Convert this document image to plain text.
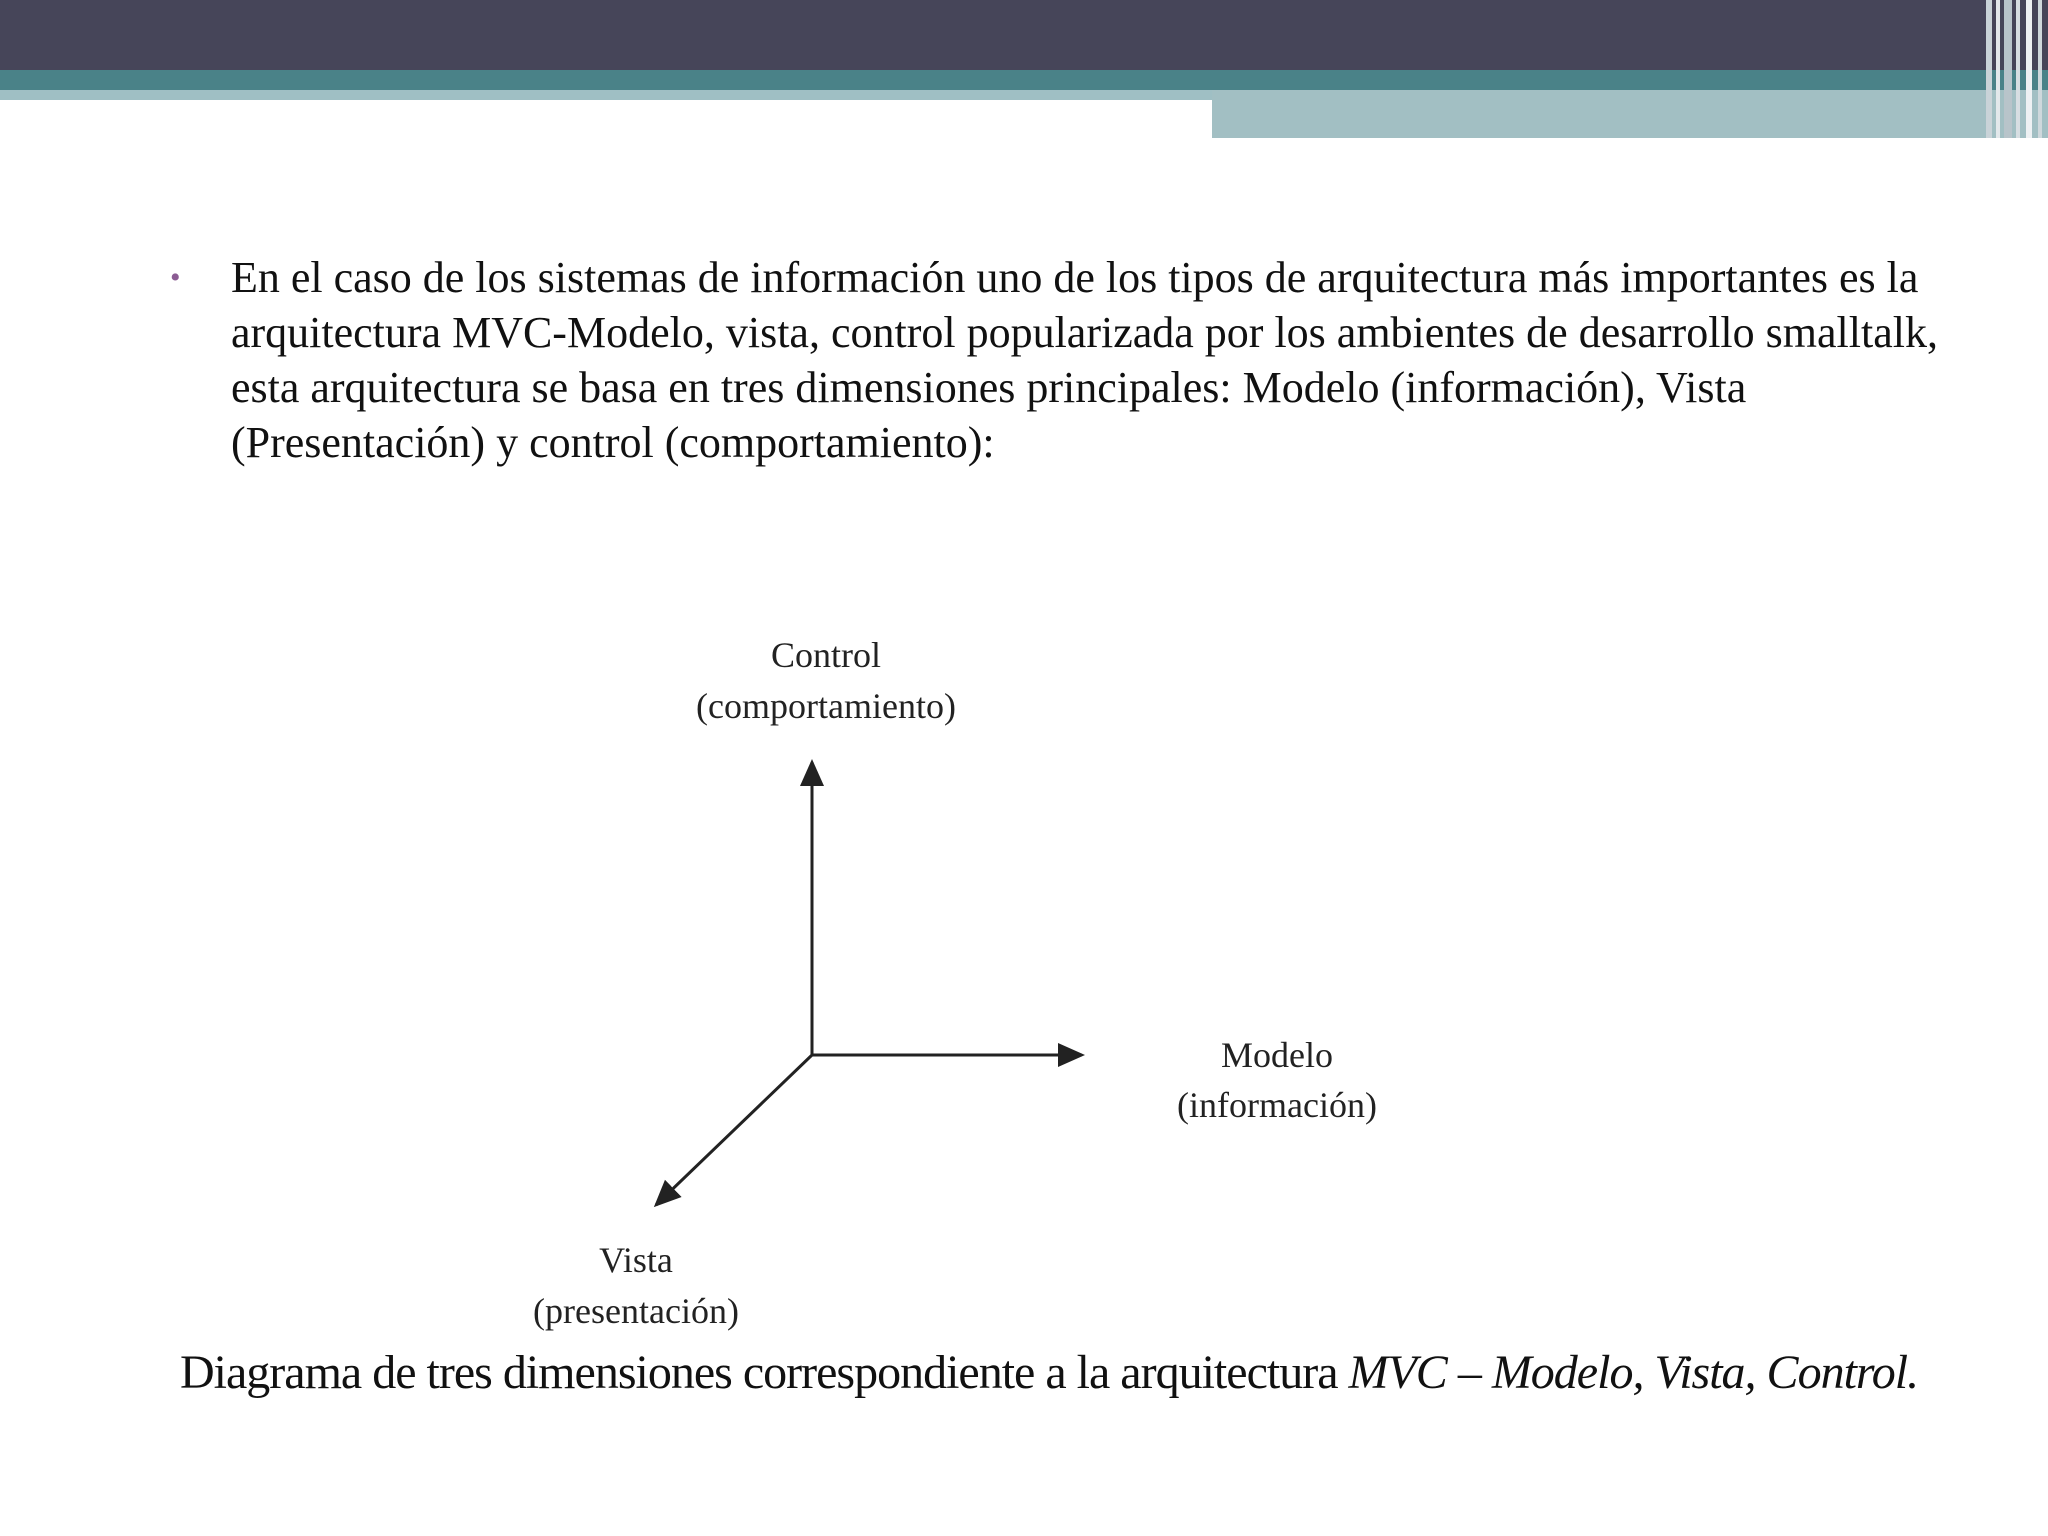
•	En el caso de los sistemas de información uno de los tipos de arquitectura más importantes es la arquitectura MVC-Modelo, vista, control popularizada por los ambientes de desarrollo smalltalk, esta arquitectura se basa en tres dimensiones principales: Modelo (información), Vista (Presentación) y control (comportamiento):
Control
(comportamiento)
Modelo
(información)
Vista
(presentación)
Diagrama de tres dimensiones correspondiente a la arquitectura MVC – Modelo, Vista, Control.
